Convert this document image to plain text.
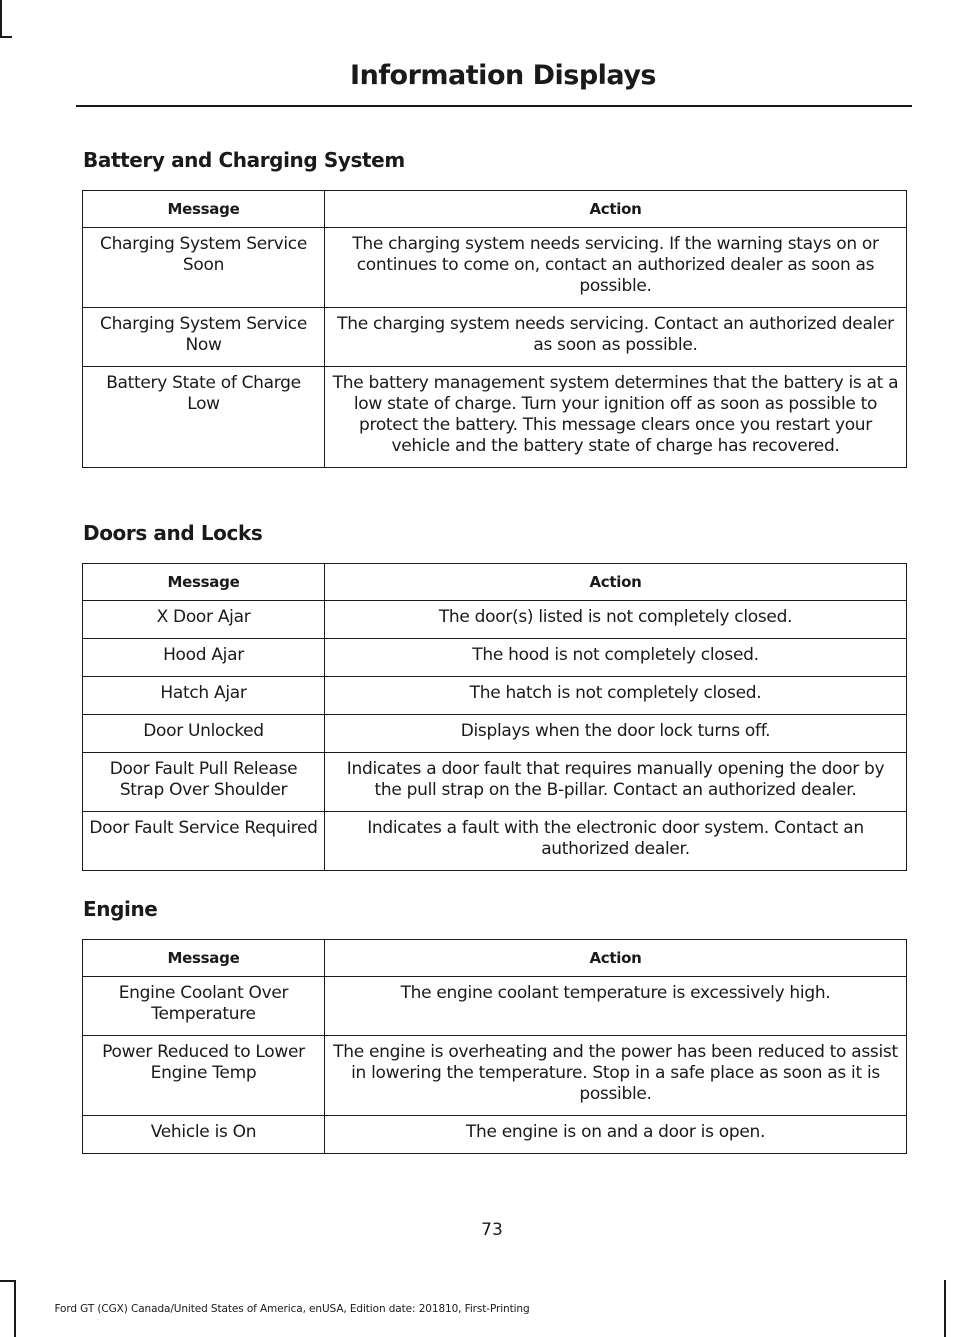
Information Displays
Battery and Charging System
Message	Action
Charging System Service Soon	The charging system needs servicing. If the warning stays on or continues to come on, contact an authorized dealer as soon as possible.
Charging System Service Now	The charging system needs servicing. Contact an authorized dealer as soon as possible.
Battery State of Charge Low	The battery management system determines that the battery is at a low state of charge. Turn your ignition off as soon as possible to protect the battery. This message clears once you restart your vehicle and the battery state of charge has recovered.
Doors and Locks
Message	Action
X Door Ajar	The door(s) listed is not completely closed.
Hood Ajar	The hood is not completely closed.
Hatch Ajar	The hatch is not completely closed.
Door Unlocked	Displays when the door lock turns off.
Door Fault Pull Release Strap Over Shoulder	Indicates a door fault that requires manually opening the door by the pull strap on the B-pillar. Contact an authorized dealer.
Door Fault Service Required	Indicates a fault with the electronic door system. Contact an authorized dealer.
Engine
Message	Action
Engine Coolant Over Temperature	The engine coolant temperature is excessively high.
Power Reduced to Lower Engine Temp	The engine is overheating and the power has been reduced to assist in lowering the temperature. Stop in a safe place as soon as it is possible.
Vehicle is On	The engine is on and a door is open.
73
Ford GT (CGX) Canada/United States of America, enUSA, Edition date: 201810, First-Printing
